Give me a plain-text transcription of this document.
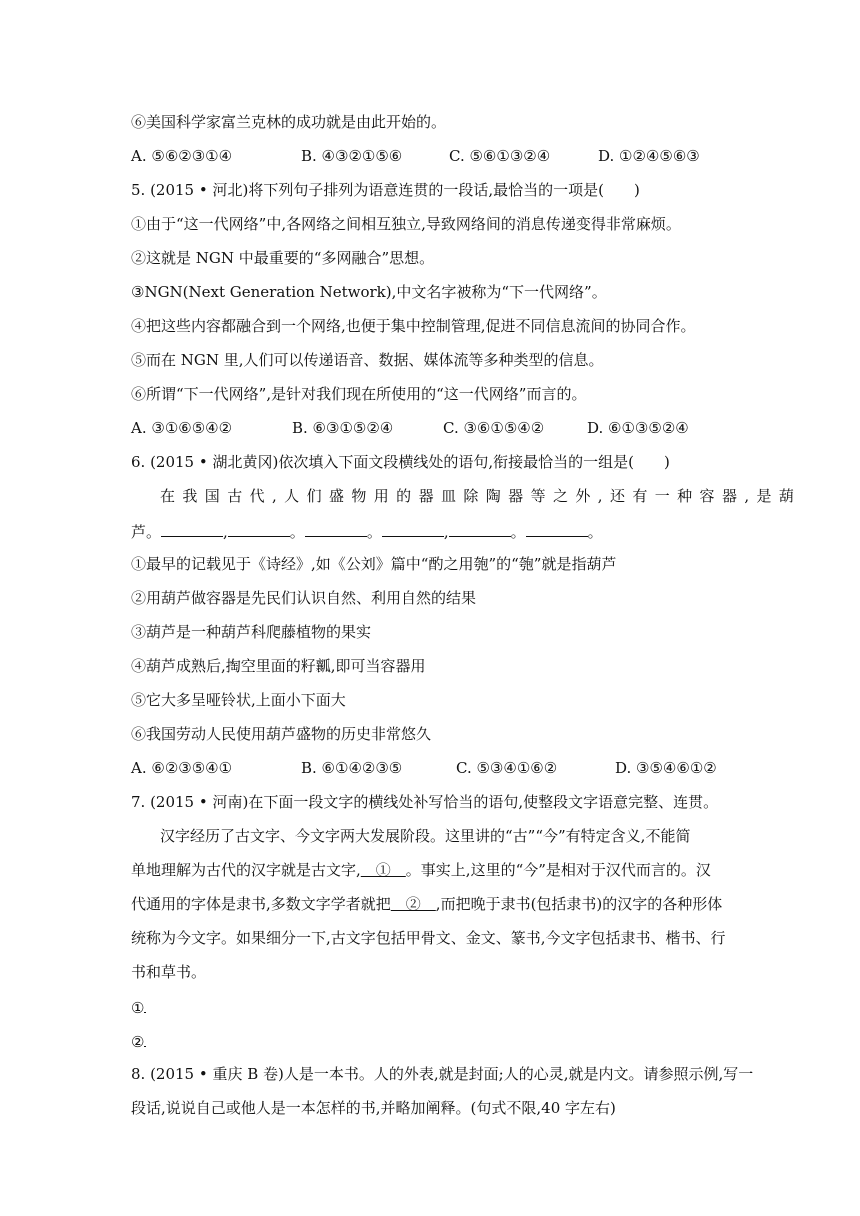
⑥美国科学家富兰克林的成功就是由此开始的。
A. ⑤⑥②③①④	B. ④③②①⑤⑥	C. ⑤⑥①③②④	D. ①②④⑤⑥③
5. (2015 • 河北)将下列句子排列为语意连贯的一段话,最恰当的一项是(　　)
①由于“这一代网络”中,各网络之间相互独立,导致网络间的消息传递变得非常麻烦。
②这就是 NGN 中最重要的“多网融合”思想。
③NGN(Next Generation Network),中文名字被称为“下一代网络”。
④把这些内容都融合到一个网络,也便于集中控制管理,促进不同信息流间的协同合作。
⑤而在 NGN 里,人们可以传递语音、数据、媒体流等多种类型的信息。
⑥所谓“下一代网络”,是针对我们现在所使用的“这一代网络”而言的。
A. ③①⑥⑤④②	B. ⑥③①⑤②④	C. ③⑥①⑤④②	D. ⑥①③⑤②④
6. (2015 • 湖北黄冈)依次填入下面文段横线处的语句,衔接最恰当的一组是(　　)
在我国古代,人们盛物用的器皿除陶器等之外,还有一种容器,是葫
芦。	,	。	。	,	。	。
①最早的记载见于《诗经》,如《公刘》篇中“酌之用匏”的“匏”就是指葫芦
②用葫芦做容器是先民们认识自然、利用自然的结果
③葫芦是一种葫芦科爬藤植物的果实
④葫芦成熟后,掏空里面的籽瓤,即可当容器用
⑤它大多呈哑铃状,上面小下面大
⑥我国劳动人民使用葫芦盛物的历史非常悠久
A. ⑥②③⑤④①	B. ⑥①④②③⑤	C. ⑤③④①⑥②	D. ③⑤④⑥①②
7. (2015 • 河南)在下面一段文字的横线处补写恰当的语句,使整段文字语意完整、连贯。
汉字经历了古文字、今文字两大发展阶段。这里讲的“古”“今”有特定含义,不能简
单地理解为古代的汉字就是古文字,　①　。事实上,这里的“今”是相对于汉代而言的。汉
代通用的字体是隶书,多数文字学者就把　②　,而把晚于隶书(包括隶书)的汉字的各种形体
统称为今文字。如果细分一下,古文字包括甲骨文、金文、篆书,今文字包括隶书、楷书、行
书和草书。
①
②
8. (2015 • 重庆 B 卷)人是一本书。人的外表,就是封面;人的心灵,就是内文。请参照示例,写一
段话,说说自己或他人是一本怎样的书,并略加阐释。(句式不限,40 字左右)
